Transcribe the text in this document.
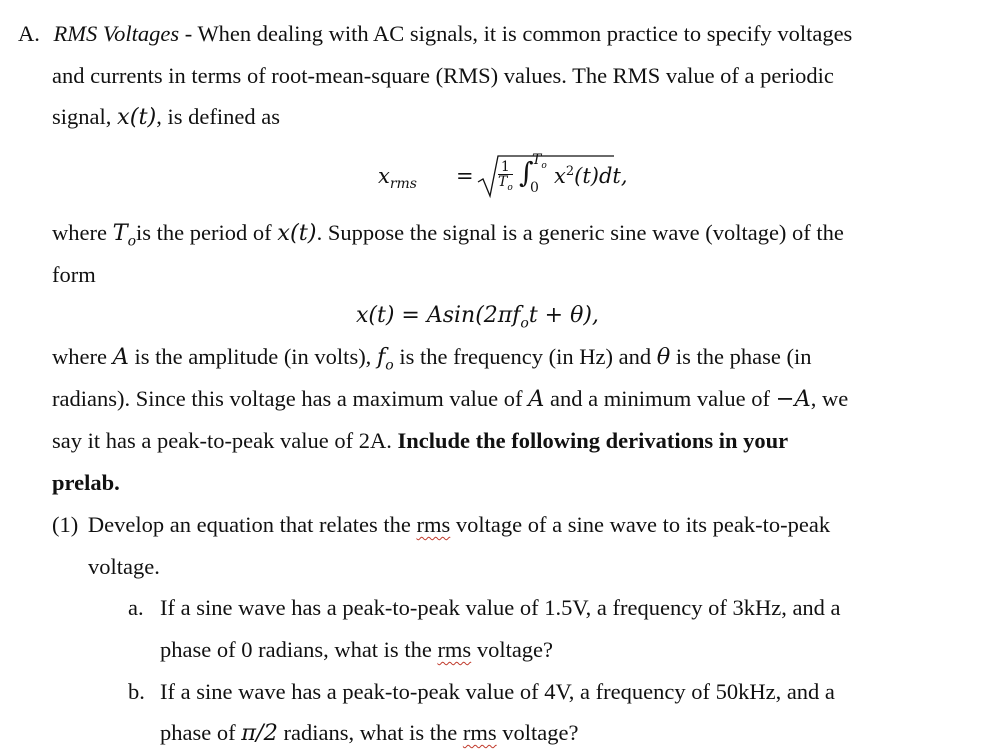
A. RMS Voltages - When dealing with AC signals, it is common practice to specify voltages
and currents in terms of root-mean-square (RMS) values. The RMS value of a periodic
signal, x(t), is defined as
$x_{rms} = \frac{1}{T_o}$ ∫
$T_o$
0 $x^2(t)dt$,
where $T_ois$ the period of x(t). Suppose the signal is a generic sine wave (voltage) of the
form
$x(t) = Asin(2\pi f_ot + \theta)$,
where A is the amplitude (in volts), $f_o$ is the frequency (in Hz) and θ is the phase (in
radians). Since this voltage has a maximum value of A and a minimum value of −A, we
say it has a peak-to-peak value of 2A. Include the following derivations in your
prelab.
(1) Develop an equation that relates the rms voltage of a sine wave to its peak-to-peak
voltage.
a. If a sine wave has a peak-to-peak value of 1.5V, a frequency of 3kHz, and a
phase of 0 radians, what is the rms voltage?
b. If a sine wave has a peak-to-peak value of 4V, a frequency of 50kHz, and a
phase of π/2 radians, what is the rms voltage?
